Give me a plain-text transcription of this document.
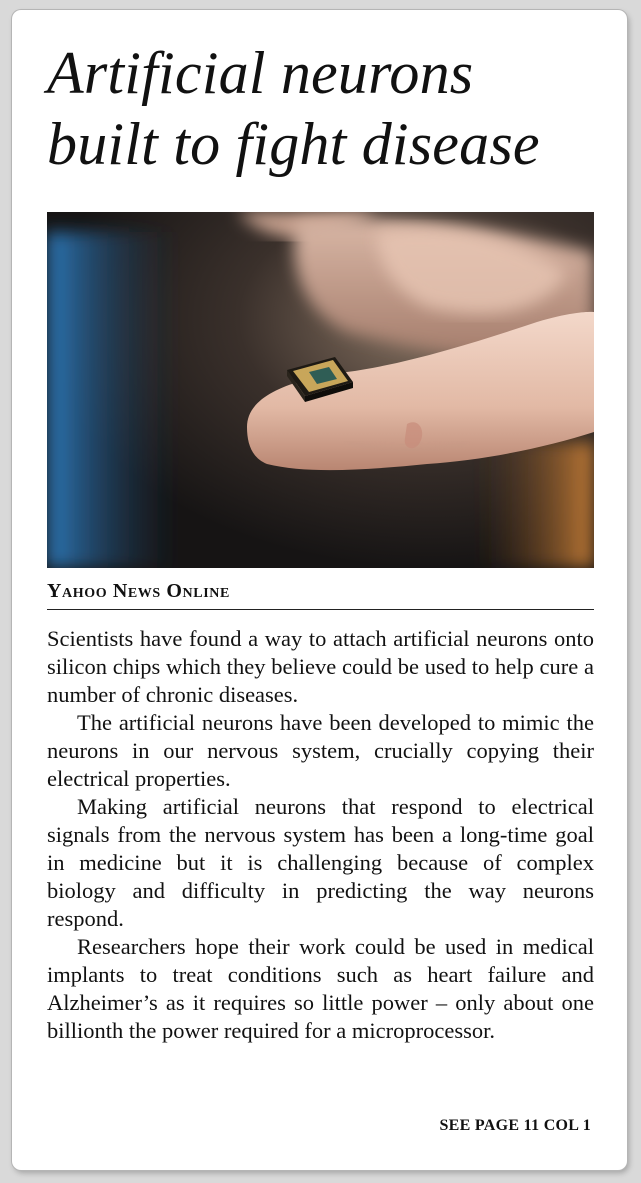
Artificial neurons
built to fight disease

Yahoo News Online

Scientists have found a way to attach artificial neurons onto silicon chips which they believe could be used to help cure a number of chronic diseases.

The artificial neurons have been developed to mimic the neurons in our nervous system, crucially copying their electrical properties.

Making artificial neurons that respond to electrical signals from the nervous system has been a long-time goal in medicine but it is challenging because of complex biology and difficulty in predicting the way neurons respond.

Researchers hope their work could be used in medical implants to treat conditions such as heart failure and Alzheimer’s as it requires so little power – only about one billionth the power required for a microprocessor.

SEE PAGE 11 COL 1
